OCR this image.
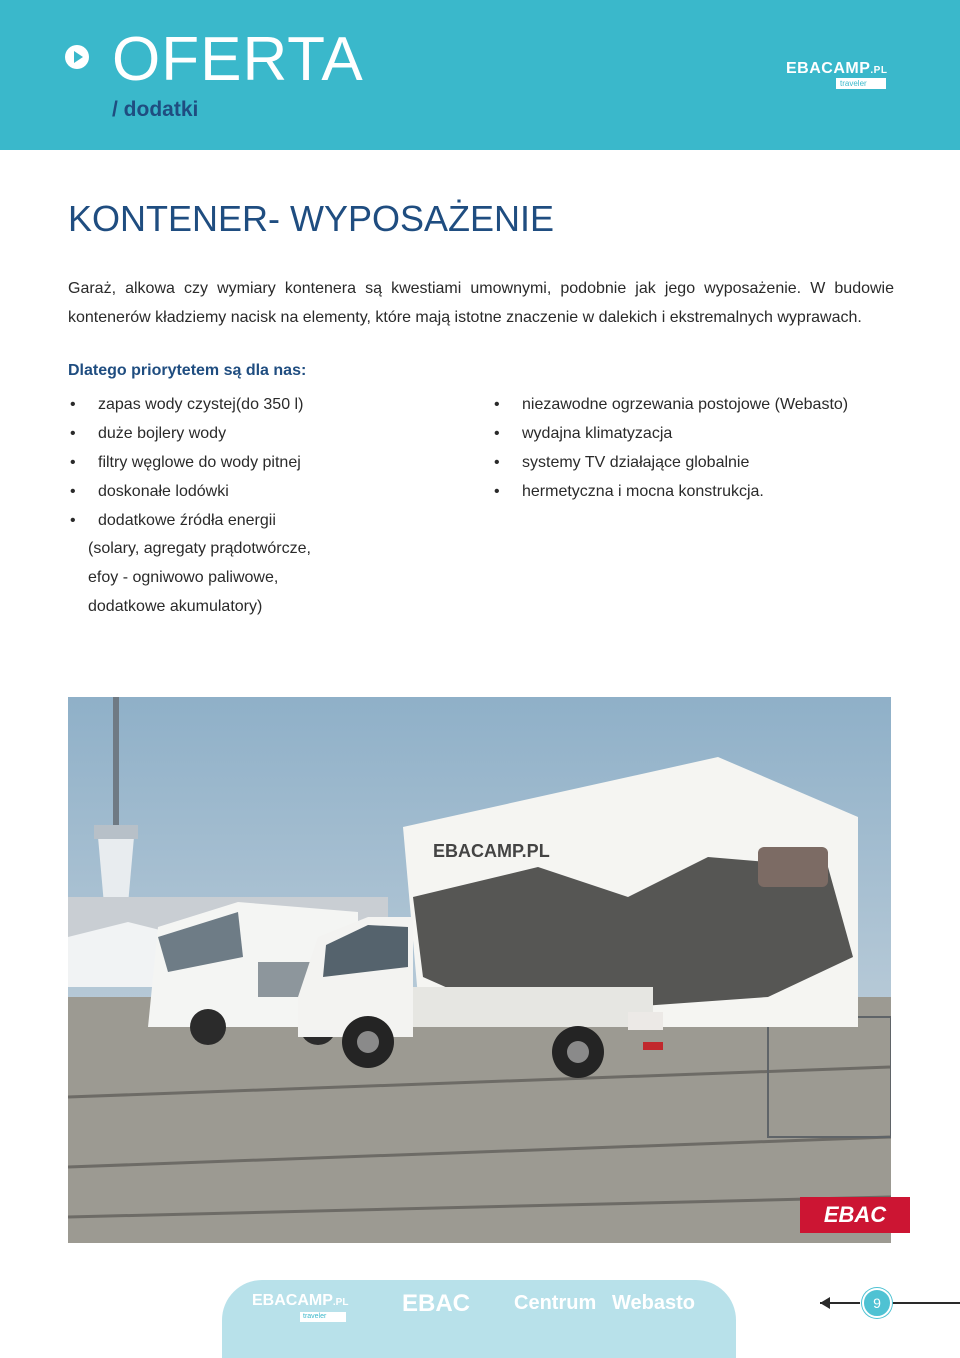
OFERTA
/ dodatki
EBACAMP.PL
traveler
KONTENER- WYPOSAŻENIE

Garaż, alkowa czy wymiary kontenera są kwestiami umownymi, podobnie jak jego wyposażenie. W budowie kontenerów kładziemy nacisk na elementy, które mają istotne znaczenie w dalekich i ekstremalnych wyprawach.

Dlatego priorytetem są dla nas:
• zapas wody czystej(do 350 l)
• duże bojlery wody
• filtry węglowe do wody pitnej
• doskonałe lodówki
• dodatkowe źródła energii
(solary, agregaty prądotwórcze,
efoy - ogniwowo paliwowe,
dodatkowe akumulatory)
• niezawodne ogrzewania postojowe (Webasto)
• wydajna klimatyzacja
• systemy TV działające globalnie
• hermetyczna i mocna konstrukcja.
EBACAMP.PL
EBAC
EBACAMP.PL
traveler	EBAC Centrum Webasto	9
